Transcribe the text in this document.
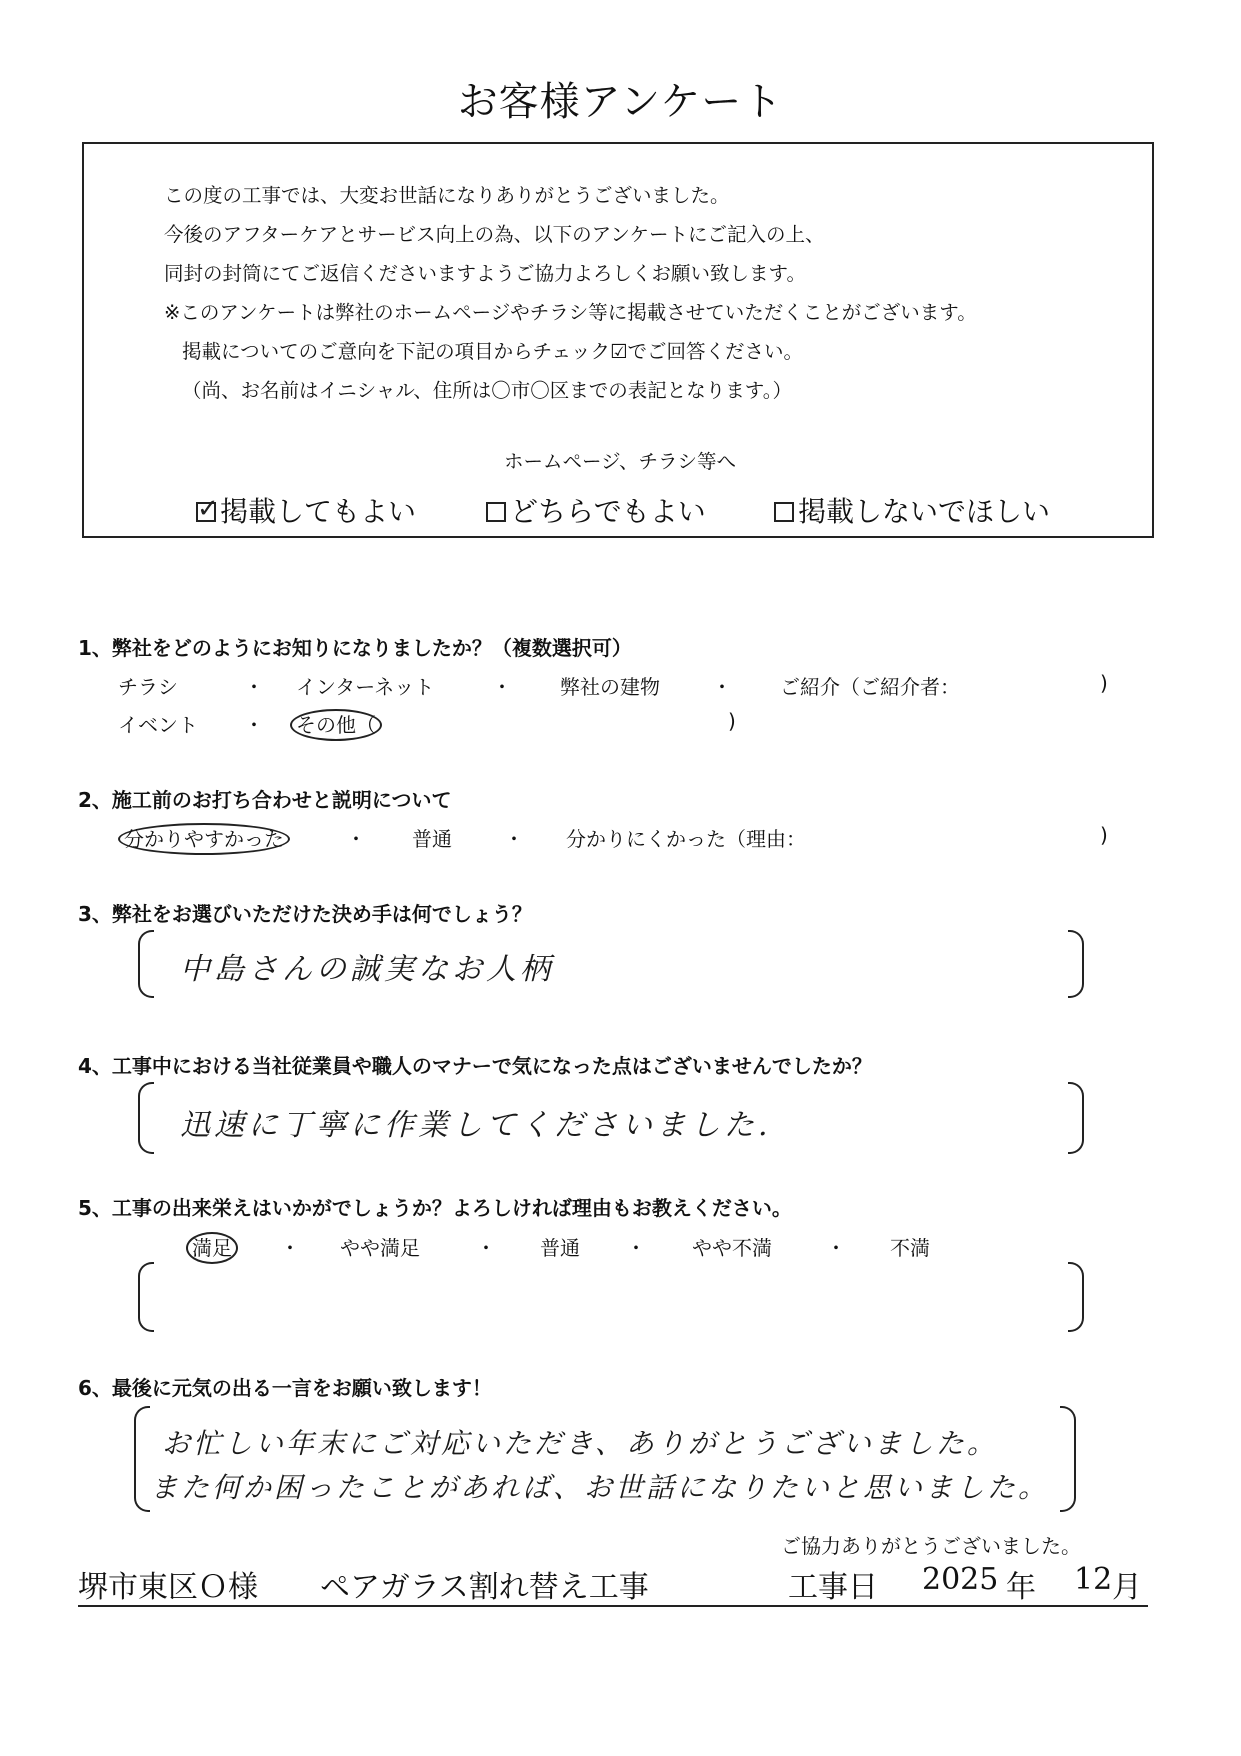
お客様アンケート
この度の工事では、大変お世話になりありがとうございました。
今後のアフターケアとサービス向上の為、以下のアンケートにご記入の上、
同封の封筒にてご返信くださいますようご協力よろしくお願い致します。
※このアンケートは弊社のホームページやチラシ等に掲載させていただくことがございます。
掲載についてのご意向を下記の項目からチェック☑でご回答ください。
（尚、お名前はイニシャル、住所は〇市〇区までの表記となります。）
ホームページ、チラシ等へ
✓掲載してもよい	どちらでもよい	掲載しないでほしい
1、弊社をどのようにお知りになりましたか？（複数選択可）
チラシ	・ インターネット	・ 弊社の建物	・ ご紹介（ご紹介者：	)
イベント ・ その他（	)
2、施工前のお打ち合わせと説明について
分かりやすかった	・ 普通	・ 分かりにくかった（理由：	)
3、弊社をお選びいただけた決め手は何でしょう？
中島さんの誠実なお人柄
4、工事中における当社従業員や職人のマナーで気になった点はございませんでしたか？
迅速に丁寧に作業してくださいました.
5、工事の出来栄えはいかがでしょうか？よろしければ理由もお教えください。
満足 ・ やや満足	・ 普通 ・ やや不満	・ 不満
6、最後に元気の出る一言をお願い致します！
お忙しい年末にご対応いただき、ありがとうございました。
また何か困ったことがあれば、お世話になりたいと思いました。
ご協力ありがとうございました。
堺市東区Ｏ様 ペアガラス割れ替え工事	工事日 2025 年 12 月
